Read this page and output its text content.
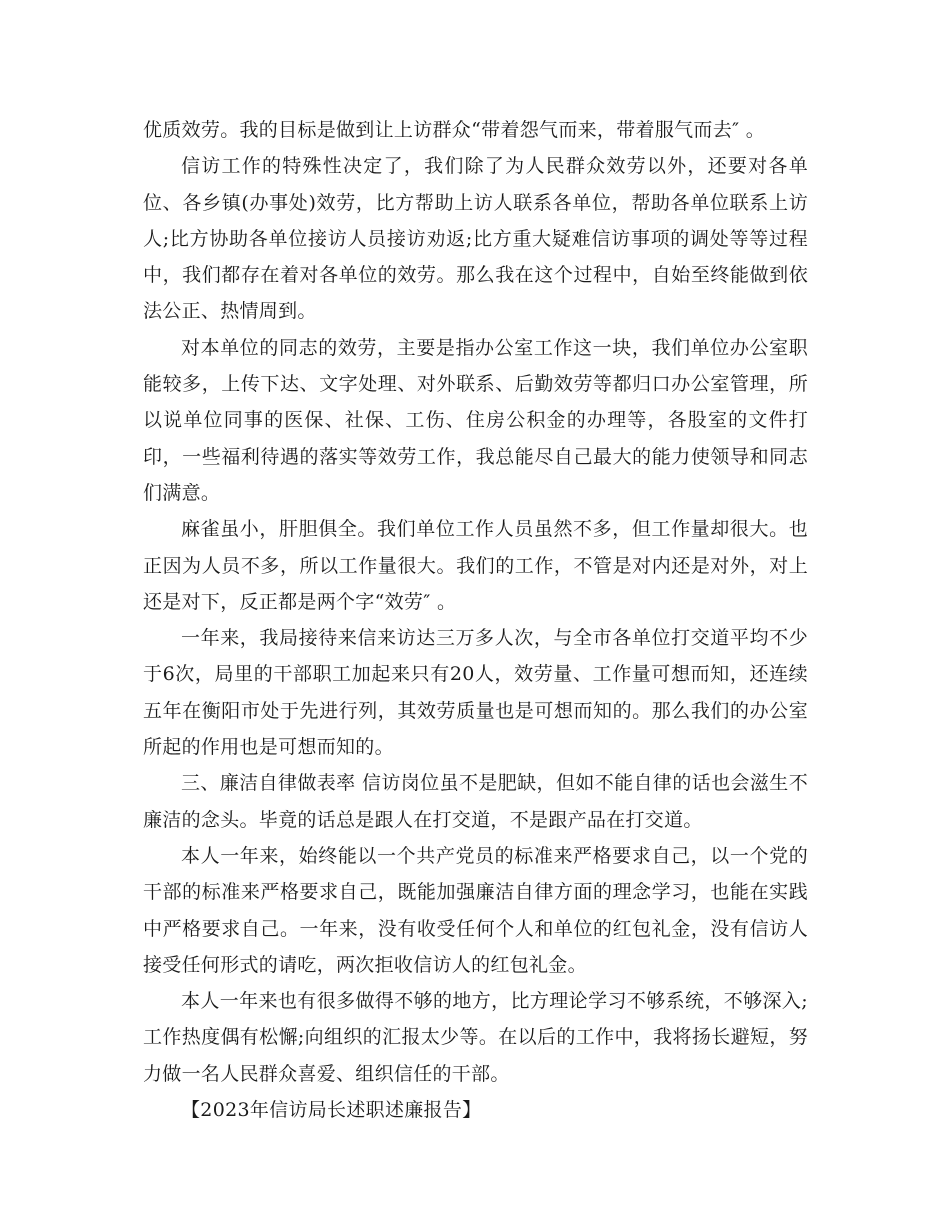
优质效劳。我的目标是做到让上访群众“带着怨气而来，带着服气而去″ 。

信访工作的特殊性决定了，我们除了为人民群众效劳以外，还要对各单位、各乡镇(办事处)效劳，比方帮助上访人联系各单位，帮助各单位联系上访人;比方协助各单位接访人员接访劝返;比方重大疑难信访事项的调处等等过程中，我们都存在着对各单位的效劳。那么我在这个过程中，自始至终能做到依法公正、热情周到。

对本单位的同志的效劳，主要是指办公室工作这一块，我们单位办公室职能较多，上传下达、文字处理、对外联系、后勤效劳等都归口办公室管理，所以说单位同事的医保、社保、工伤、住房公积金的办理等，各股室的文件打印，一些福利待遇的落实等效劳工作，我总能尽自己最大的能力使领导和同志们满意。

麻雀虽小，肝胆俱全。我们单位工作人员虽然不多，但工作量却很大。也正因为人员不多，所以工作量很大。我们的工作，不管是对内还是对外，对上还是对下，反正都是两个字“效劳″ 。

一年来，我局接待来信来访达三万多人次，与全市各单位打交道平均不少于6次，局里的干部职工加起来只有20人，效劳量、工作量可想而知，还连续五年在衡阳市处于先进行列，其效劳质量也是可想而知的。那么我们的办公室所起的作用也是可想而知的。

三、廉洁自律做表率 信访岗位虽不是肥缺，但如不能自律的话也会滋生不廉洁的念头。毕竟的话总是跟人在打交道，不是跟产品在打交道。

本人一年来，始终能以一个共产党员的标准来严格要求自己，以一个党的干部的标准来严格要求自己，既能加强廉洁自律方面的理念学习，也能在实践中严格要求自己。一年来，没有收受任何个人和单位的红包礼金，没有信访人接受任何形式的请吃，两次拒收信访人的红包礼金。

本人一年来也有很多做得不够的地方，比方理论学习不够系统，不够深入;工作热度偶有松懈;向组织的汇报太少等。在以后的工作中，我将扬长避短，努力做一名人民群众喜爱、组织信任的干部。

【2023年信访局长述职述廉报告】
